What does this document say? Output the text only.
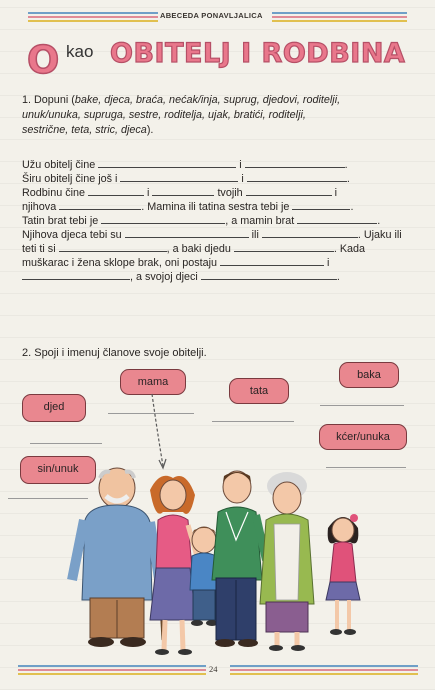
ABECEDA PONAVLJALICA
O kao OBITELJ I RODBINA
1. Dopuni (bake, djeca, braća, nećak/inja, suprug, djedovi, roditelji,
unuk/unuka, supruga, sestre, roditelja, ujak, bratići, roditelji,
sestrične, teta, stric, djeca).
Užu obitelj čine	i	.
Širu obitelj čine još i	i	.
Rodbinu čine	i	tvojih	i
njihova	. Mamina ili tatina sestra tebi je	.
Tatin brat tebi je	, a mamin brat	.
Njihova djeca tebi su	ili	. Ujaku ili
teti ti si	, a baki djedu	. Kada
muškarac i žena sklope brak, oni postaju	i
, a svojoj djeci	.
2. Spoji i imenuj članove svoje obitelji.
baka
mama
tata
djed
kćer/unuka
sin/unuk
24
